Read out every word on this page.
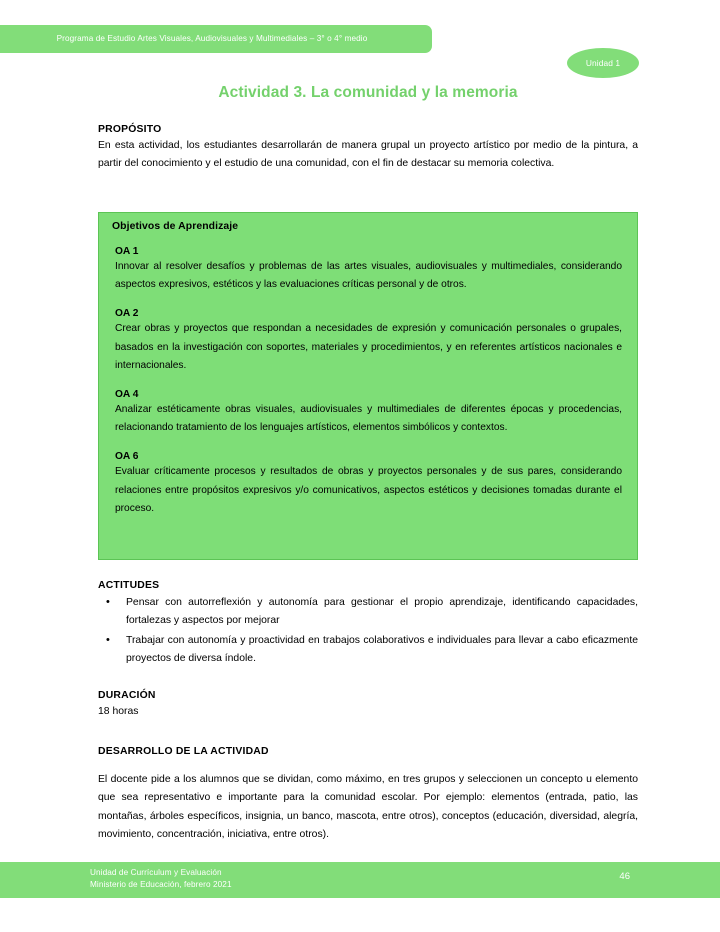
Programa de Estudio Artes Visuales, Audiovisuales y Multimediales – 3° o 4° medio
Unidad 1
Actividad 3. La comunidad y la memoria

PROPÓSITO

En esta actividad, los estudiantes desarrollarán de manera grupal un proyecto artístico por medio de la pintura, a partir del conocimiento y el estudio de una comunidad, con el fin de destacar su memoria colectiva.

Objetivos de Aprendizaje

OA 1

Innovar al resolver desafíos y problemas de las artes visuales, audiovisuales y multimediales, considerando aspectos expresivos, estéticos y las evaluaciones críticas personal y de otros.

OA 2

Crear obras y proyectos que respondan a necesidades de expresión y comunicación personales o grupales, basados en la investigación con soportes, materiales y procedimientos, y en referentes artísticos nacionales e internacionales.

OA 4

Analizar estéticamente obras visuales, audiovisuales y multimediales de diferentes épocas y procedencias, relacionando tratamiento de los lenguajes artísticos, elementos simbólicos y contextos.

OA 6

Evaluar críticamente procesos y resultados de obras y proyectos personales y de sus pares, considerando relaciones entre propósitos expresivos y/o comunicativos, aspectos estéticos y decisiones tomadas durante el proceso.

ACTITUDES

• Pensar con autorreflexión y autonomía para gestionar el propio aprendizaje, identificando capacidades, fortalezas y aspectos por mejorar
• Trabajar con autonomía y proactividad en trabajos colaborativos e individuales para llevar a cabo eficazmente proyectos de diversa índole.

DURACIÓN

18 horas

DESARROLLO DE LA ACTIVIDAD

El docente pide a los alumnos que se dividan, como máximo, en tres grupos y seleccionen un concepto u elemento que sea representativo e importante para la comunidad escolar. Por ejemplo: elementos (entrada, patio, las montañas, árboles específicos, insignia, un banco, mascota, entre otros), conceptos (educación, diversidad, alegría, movimiento, concentración, iniciativa, entre otros).

Unidad de Currículum y Evaluación
Ministerio de Educación, febrero 2021
46
